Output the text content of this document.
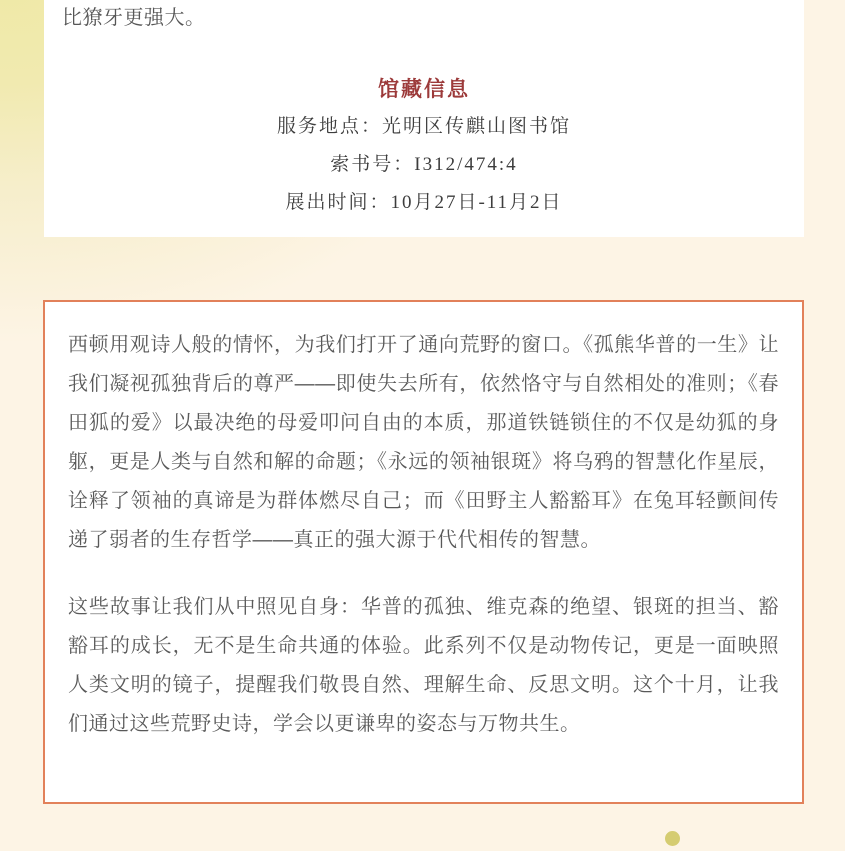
比獠牙更强大。

馆藏信息

服务地点：光明区传麒山图书馆

索书号：I312/474:4

展出时间：10月27日-11月2日

西顿用观诗人般的情怀，为我们打开了通向荒野的窗口。《孤熊华普的一生》让我们凝视孤独背后的尊严——即使失去所有，依然恪守与自然相处的准则；《春田狐的爱》以最决绝的母爱叩问自由的本质，那道铁链锁住的不仅是幼狐的身躯，更是人类与自然和解的命题；《永远的领袖银斑》将乌鸦的智慧化作星辰，诠释了领袖的真谛是为群体燃尽自己；而《田野主人豁豁耳》在兔耳轻颤间传递了弱者的生存哲学——真正的强大源于代代相传的智慧。

这些故事让我们从中照见自身：华普的孤独、维克森的绝望、银斑的担当、豁豁耳的成长，无不是生命共通的体验。此系列不仅是动物传记，更是一面映照人类文明的镜子，提醒我们敬畏自然、理解生命、反思文明。这个十月，让我们通过这些荒野史诗，学会以更谦卑的姿态与万物共生。
